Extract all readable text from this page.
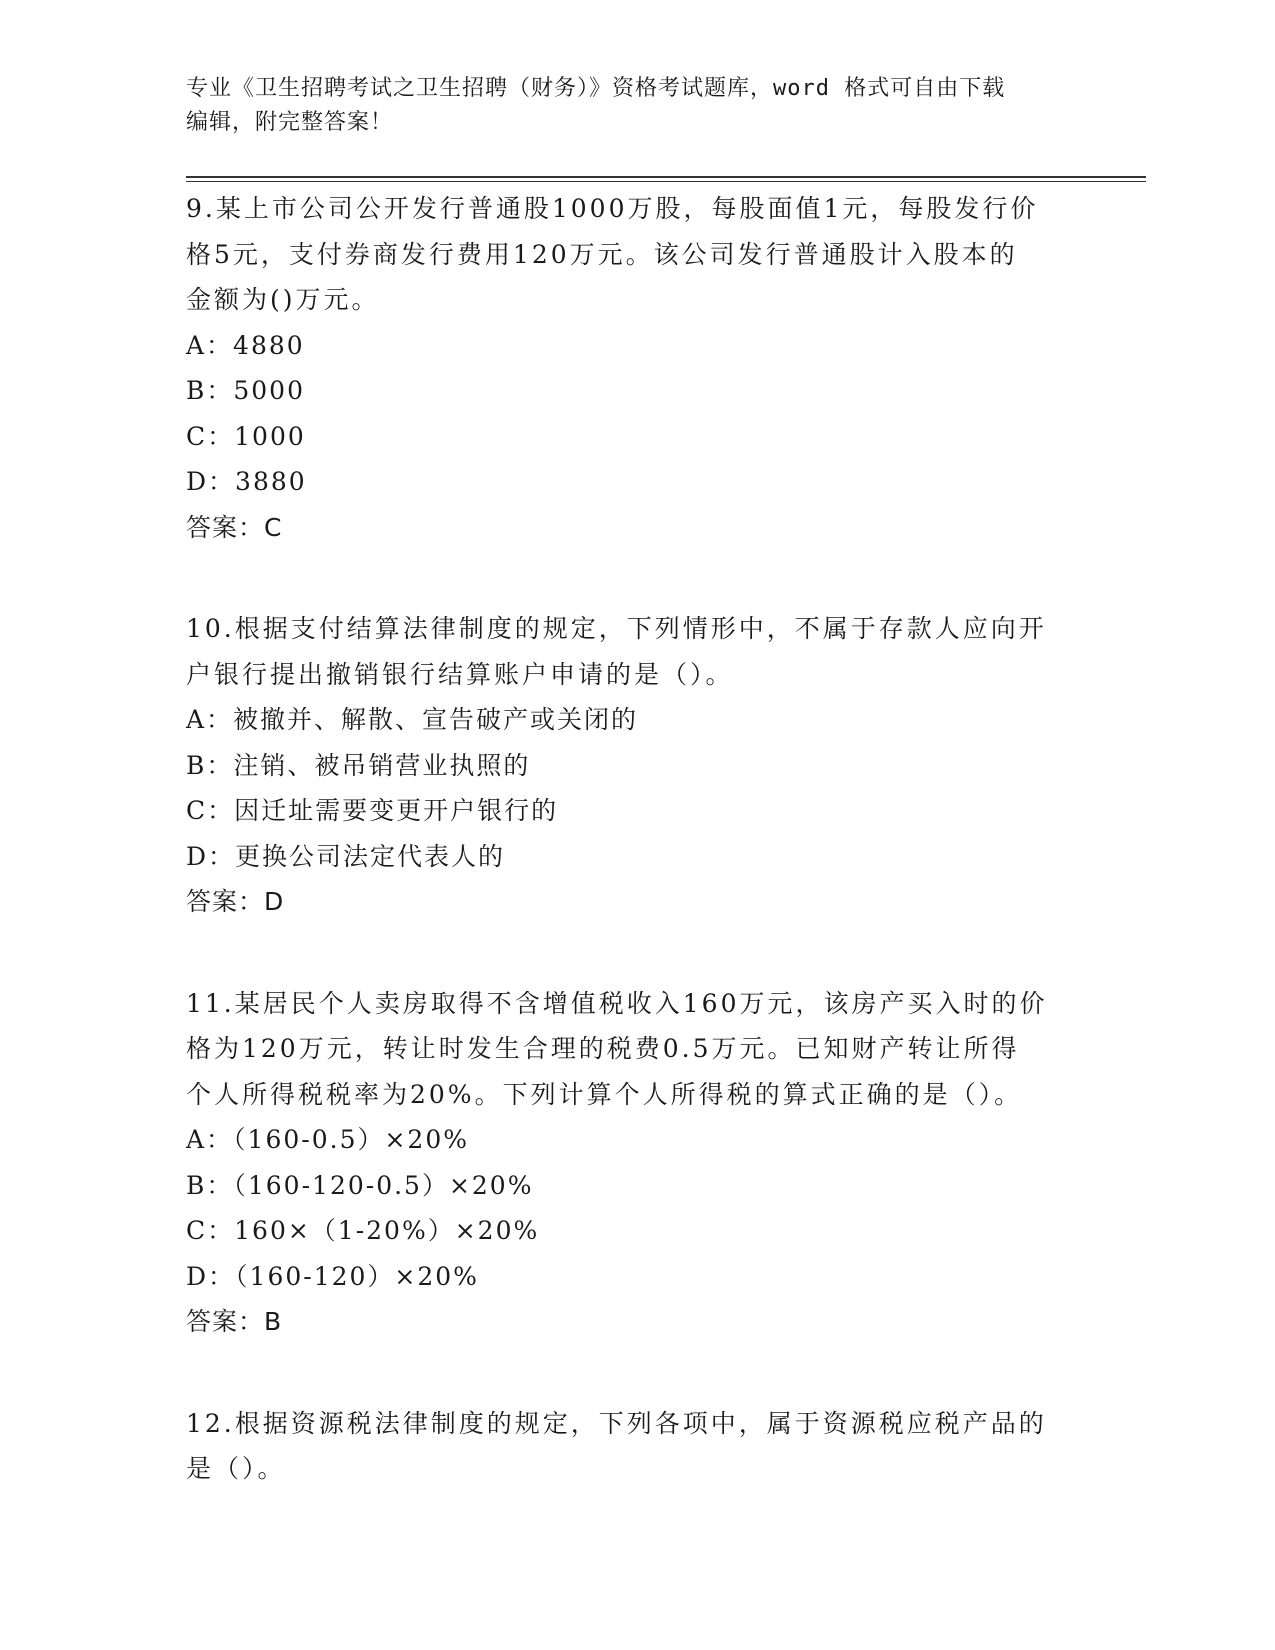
专业《卫生招聘考试之卫生招聘（财务）》资格考试题库，word 格式可自由下载
编辑，附完整答案！

9.某上市公司公开发行普通股1000万股，每股面值1元，每股发行价
格5元，支付券商发行费用120万元。该公司发行普通股计入股本的
金额为()万元。

A：4880

B：5000

C：1000

D：3880

答案：C

10.根据支付结算法律制度的规定，下列情形中，不属于存款人应向开
户银行提出撤销银行结算账户申请的是（）。

A：被撤并、解散、宣告破产或关闭的

B：注销、被吊销营业执照的

C：因迁址需要变更开户银行的

D：更换公司法定代表人的

答案：D

11.某居民个人卖房取得不含增值税收入160万元，该房产买入时的价
格为120万元，转让时发生合理的税费0.5万元。已知财产转让所得
个人所得税税率为20%。下列计算个人所得税的算式正确的是（）。

A：（160-0.5）×20%

B：（160-120-0.5）×20%

C：160×（1-20%）×20%

D：（160-120）×20%

答案：B

12.根据资源税法律制度的规定，下列各项中，属于资源税应税产品的
是（）。
